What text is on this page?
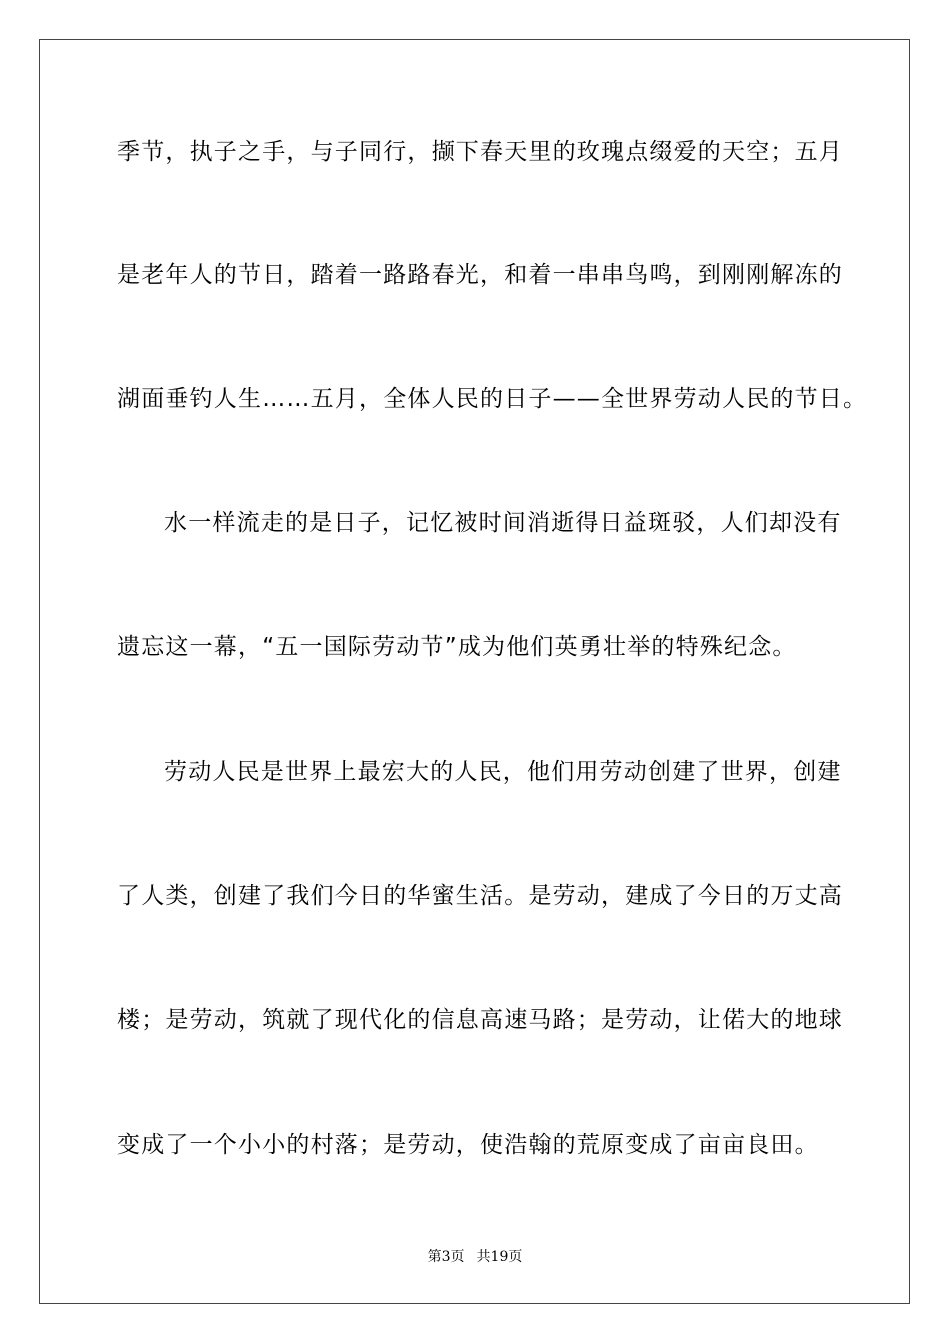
季节，执子之手，与子同行，撷下春天里的玫瑰点缀爱的天空；五月
是老年人的节日，踏着一路路春光，和着一串串鸟鸣，到刚刚解冻的
湖面垂钓人生……五月，全体人民的日子——全世界劳动人民的节日。
水一样流走的是日子，记忆被时间消逝得日益斑驳，人们却没有
遗忘这一幕，“五一国际劳动节”成为他们英勇壮举的特殊纪念。
劳动人民是世界上最宏大的人民，他们用劳动创建了世界，创建
了人类，创建了我们今日的华蜜生活。是劳动，建成了今日的万丈高
楼；是劳动，筑就了现代化的信息高速马路；是劳动，让偌大的地球
变成了一个小小的村落；是劳动，使浩翰的荒原变成了亩亩良田。
第3页 共19页
